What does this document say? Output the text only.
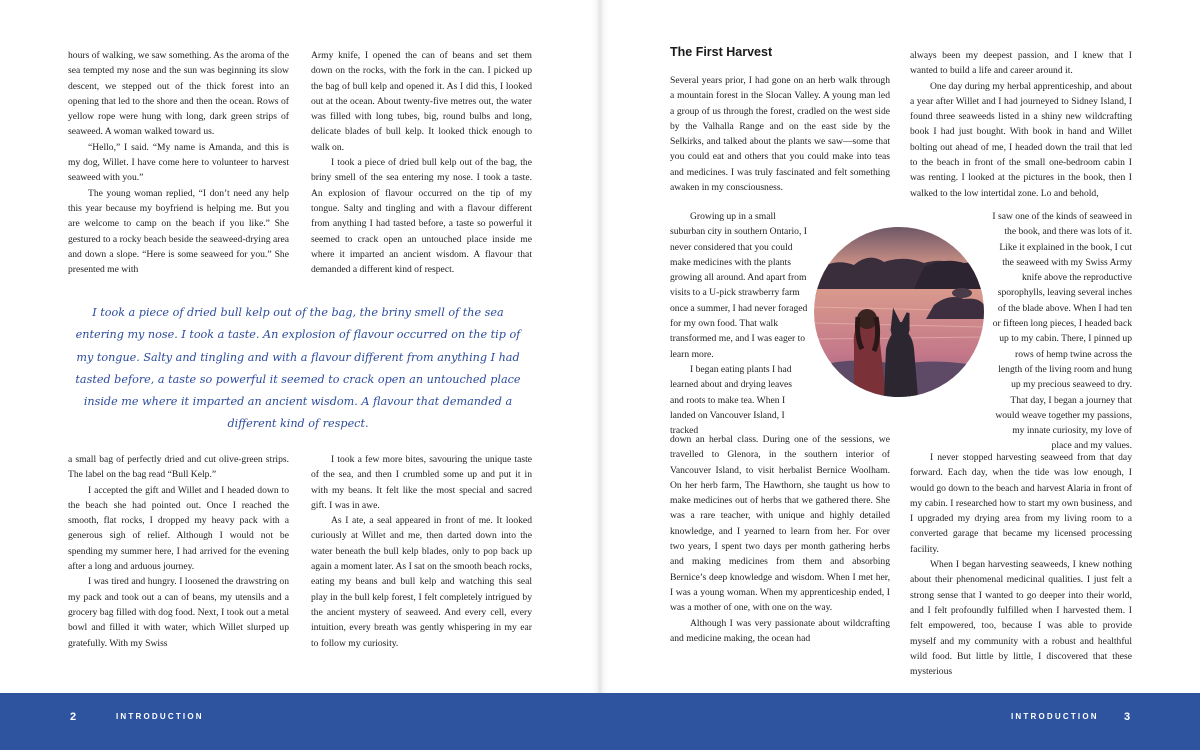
hours of walking, we saw something. As the aroma of the sea tempted my nose and the sun was beginning its slow descent, we stepped out of the thick forest into an opening that led to the shore and then the ocean. Rows of yellow rope were hung with long, dark green strips of seaweed. A woman walked toward us.

“Hello,” I said. “My name is Amanda, and this is my dog, Willet. I have come here to volunteer to harvest seaweed with you.”

The young woman replied, “I don’t need any help this year because my boyfriend is helping me. But you are welcome to camp on the beach if you like.” She gestured to a rocky beach beside the seaweed-drying area and down a slope. “Here is some seaweed for you.” She presented me with

Army knife, I opened the can of beans and set them down on the rocks, with the fork in the can. I picked up the bag of bull kelp and opened it. As I did this, I looked out at the ocean. About twenty-five metres out, the water was filled with long tubes, big, round bulbs and long, delicate blades of bull kelp. It looked thick enough to walk on.

I took a piece of dried bull kelp out of the bag, the briny smell of the sea entering my nose. I took a taste. An explosion of flavour occurred on the tip of my tongue. Salty and tingling and with a flavour different from anything I had tasted before, a taste so powerful it seemed to crack open an untouched place inside me where it imparted an ancient wisdom. A flavour that demanded a different kind of respect.

I took a piece of dried bull kelp out of the bag, the briny smell of the sea entering my nose. I took a taste. An explosion of flavour occurred on the tip of my tongue. Salty and tingling and with a flavour different from anything I had tasted before, a taste so powerful it seemed to crack open an untouched place inside me where it imparted an ancient wisdom. A flavour that demanded a different kind of respect.

a small bag of perfectly dried and cut olive-green strips. The label on the bag read “Bull Kelp.”

I accepted the gift and Willet and I headed down to the beach she had pointed out. Once I reached the smooth, flat rocks, I dropped my heavy pack with a generous sigh of relief. Although I would not be spending my summer here, I had arrived for the evening after a long and arduous journey.

I was tired and hungry. I loosened the drawstring on my pack and took out a can of beans, my utensils and a grocery bag filled with dog food. Next, I took out a metal bowl and filled it with water, which Willet slurped up gratefully. With my Swiss

I took a few more bites, savouring the unique taste of the sea, and then I crumbled some up and put it in with my beans. It felt like the most special and sacred gift. I was in awe.

As I ate, a seal appeared in front of me. It looked curiously at Willet and me, then darted down into the water beneath the bull kelp blades, only to pop back up again a moment later. As I sat on the smooth beach rocks, eating my beans and bull kelp and watching this seal play in the bull kelp forest, I felt completely intrigued by the ancient mystery of seaweed. And every cell, every intuition, every breath was gently whispering in my ear to follow my curiosity.

The First Harvest

Several years prior, I had gone on an herb walk through a mountain forest in the Slocan Valley. A young man led a group of us through the forest, cradled on the west side by the Valhalla Range and on the east side by the Selkirks, and talked about the plants we saw—some that you could eat and others that you could make into teas and medicines. I was truly fascinated and felt something awaken in my consciousness.

Growing up in a small suburban city in southern Ontario, I never considered that you could make medicines with the plants growing all around. And apart from visits to a U-pick strawberry farm once a summer, I had never foraged for my own food. That walk transformed me, and I was eager to learn more.

I began eating plants I had learned about and drying leaves and roots to make tea. When I landed on Vancouver Island, I tracked

down an herbal class. During one of the sessions, we travelled to Glenora, in the southern interior of Vancouver Island, to visit herbalist Bernice Woolham. On her herb farm, The Hawthorn, she taught us how to make medicines out of herbs that we gathered there. She was a rare teacher, with unique and highly detailed knowledge, and I yearned to learn from her. For over two years, I spent two days per month gathering herbs and making medicines from them and absorbing Bernice’s deep knowledge and wisdom. When I met her, I was a young woman. When my apprenticeship ended, I was a mother of one, with one on the way.

Although I was very passionate about wildcrafting and medicine making, the ocean had

always been my deepest passion, and I knew that I wanted to build a life and career around it.

One day during my herbal apprenticeship, and about a year after Willet and I had journeyed to Sidney Island, I found three seaweeds listed in a shiny new wildcrafting book I had just bought. With book in hand and Willet bolting out ahead of me, I headed down the trail that led to the beach in front of the small one-bedroom cabin I was renting. I looked at the pictures in the book, then I walked to the low intertidal zone. Lo and behold,

I saw one of the kinds of seaweed in the book, and there was lots of it. Like it explained in the book, I cut the seaweed with my Swiss Army knife above the reproductive sporophylls, leaving several inches of the blade above. When I had ten or fifteen long pieces, I headed back up to my cabin. There, I pinned up rows of hemp twine across the length of the living room and hung up my precious seaweed to dry.

That day, I began a journey that would weave together my passions, my innate curiosity, my love of place and my values.

I never stopped harvesting seaweed from that day forward. Each day, when the tide was low enough, I would go down to the beach and harvest Alaria in front of my cabin. I researched how to start my own business, and I upgraded my drying area from my living room to a converted garage that became my licensed processing facility.

When I began harvesting seaweeds, I knew nothing about their phenomenal medicinal qualities. I just felt a strong sense that I wanted to go deeper into their world, and I felt profoundly fulfilled when I harvested them. I felt empowered, too, because I was able to provide myself and my community with a robust and healthful wild food. But little by little, I discovered that these mysterious

2	INTRODUCTION	INTRODUCTION 3
